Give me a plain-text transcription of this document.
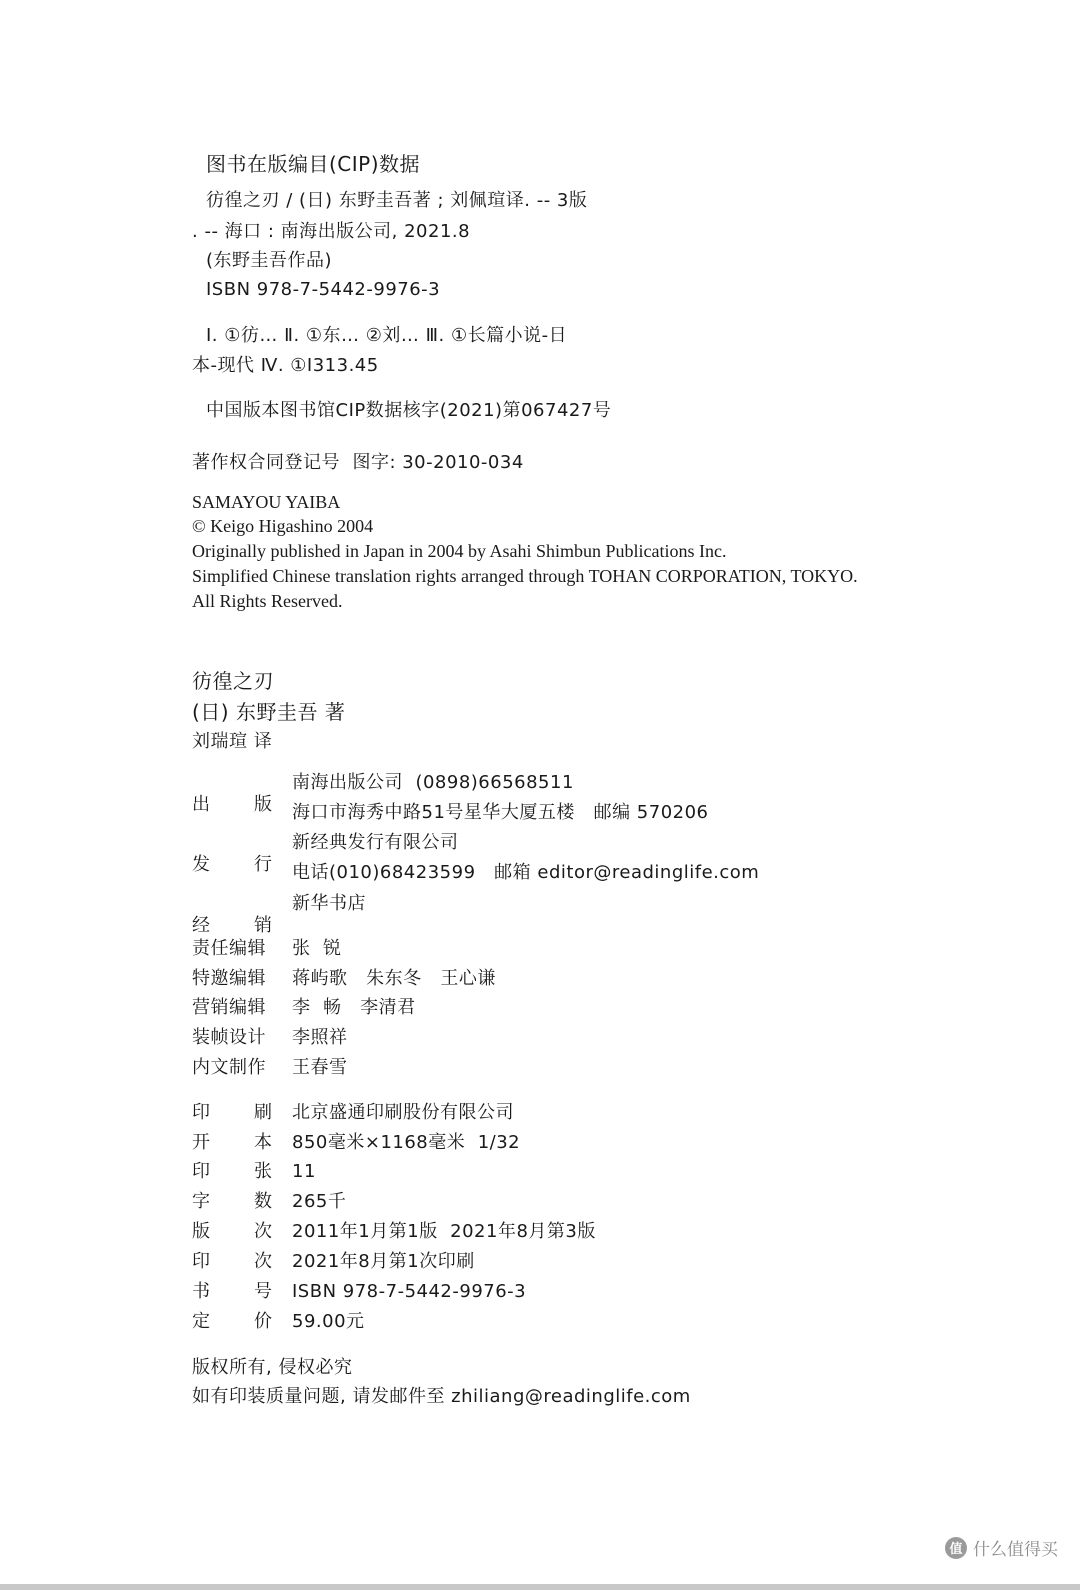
图书在版编目(CIP)数据
彷徨之刃 / (日) 东野圭吾著 ; 刘佩瑄译. -- 3版
. -- 海口 : 南海出版公司, 2021.8
(东野圭吾作品)
ISBN 978-7-5442-9976-3
Ⅰ. ①彷… Ⅱ. ①东… ②刘… Ⅲ. ①长篇小说-日
本-现代 Ⅳ. ①I313.45
中国版本图书馆CIP数据核字(2021)第067427号
著作权合同登记号  图字: 30-2010-034
SAMAYOU YAIBA
© Keigo Higashino 2004
Originally published in Japan in 2004 by Asahi Shimbun Publications Inc.
Simplified Chinese translation rights arranged through TOHAN CORPORATION, TOKYO.
All Rights Reserved.
彷徨之刃
(日) 东野圭吾 著
刘瑞瑄 译

出 版

南海出版公司  (0898)66568511
海口市海秀中路51号星华大厦五楼   邮编 570206

发 行

新经典发行有限公司
电话(010)68423599   邮箱 editor@readinglife.com

经 销

新华书店
责任编辑 张  锐
特邀编辑 蒋屿歌   朱东冬   王心谦
营销编辑 李  畅   李清君
装帧设计 李照祥
内文制作 王春雪
印 刷 北京盛通印刷股份有限公司
开 本 850毫米×1168毫米  1/32
印 张 11
字 数 265千
版 次 2011年1月第1版  2021年8月第3版
印 次 2021年8月第1次印刷
书 号 ISBN 978-7-5442-9976-3
定 价 59.00元
版权所有, 侵权必究
如有印装质量问题, 请发邮件至 zhiliang@readinglife.com
值 什么值得买
